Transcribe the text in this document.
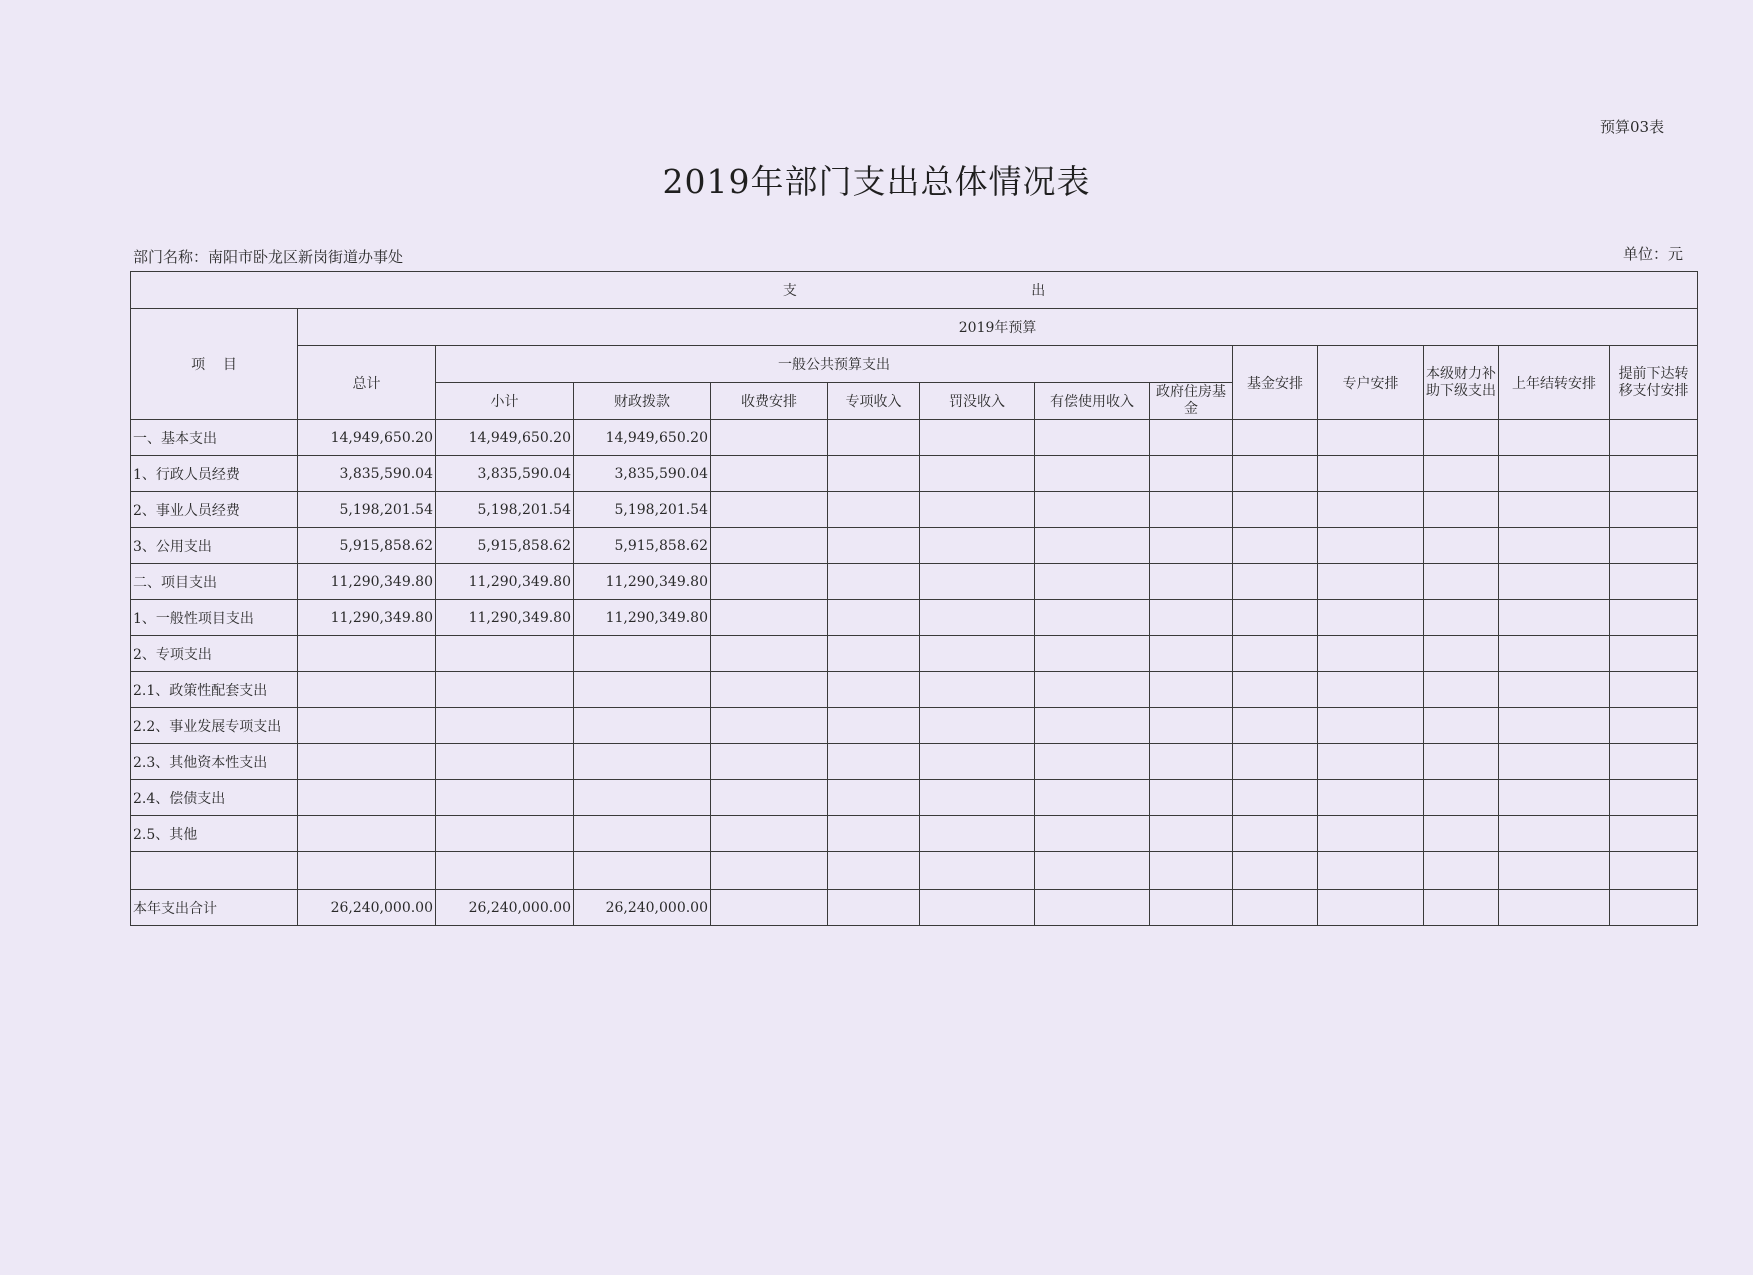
预算03表
2019年部门支出总体情况表
部门名称：南阳市卧龙区新岗街道办事处	单位：元
支 出													
项    目	2019年预算												
	总计	一般公共预算支出							基金安排	专户安排	本级财力补助下级支出	上年结转安排	提前下达转移支付安排
		小计	财政拨款	收费安排	专项收入	罚没收入	有偿使用收入	政府住房基金					
一、基本支出	14,949,650.20	14,949,650.20	14,949,650.20										
1、行政人员经费	3,835,590.04	3,835,590.04	3,835,590.04										
2、事业人员经费	5,198,201.54	5,198,201.54	5,198,201.54										
3、公用支出	5,915,858.62	5,915,858.62	5,915,858.62										
二、项目支出	11,290,349.80	11,290,349.80	11,290,349.80										
1、一般性项目支出	11,290,349.80	11,290,349.80	11,290,349.80										
2、专项支出													
2.1、政策性配套支出													
2.2、事业发展专项支出													
2.3、其他资本性支出													
2.4、偿债支出													
2.5、其他													

本年支出合计	26,240,000.00	26,240,000.00	26,240,000.00										
